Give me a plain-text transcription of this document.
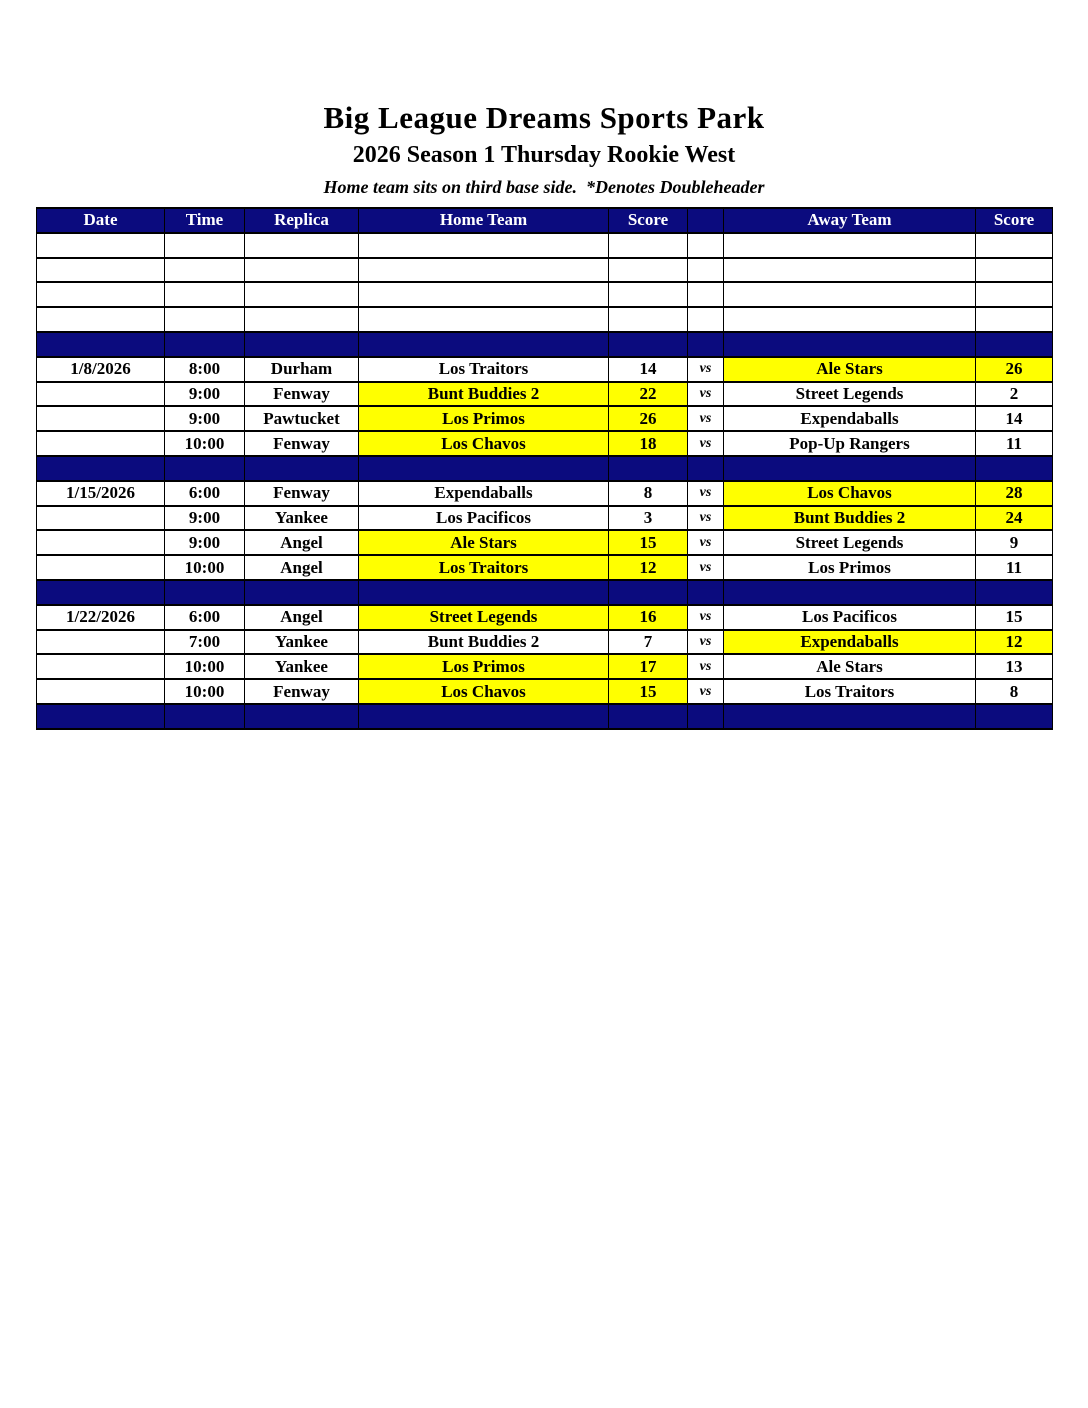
Big League Dreams Sports Park
2026 Season 1 Thursday Rookie West
Home team sits on third base side.  *Denotes Doubleheader
Date	Time	Replica	Home Team	Score		Away Team	Score

1/8/2026	8:00	Durham	Los Traitors	14	vs	Ale Stars	26
	9:00	Fenway	Bunt Buddies 2	22	vs	Street Legends	2
	9:00	Pawtucket	Los Primos	26	vs	Expendaballs	14
	10:00	Fenway	Los Chavos	18	vs	Pop-Up Rangers	11

1/15/2026	6:00	Fenway	Expendaballs	8	vs	Los Chavos	28
	9:00	Yankee	Los Pacificos	3	vs	Bunt Buddies 2	24
	9:00	Angel	Ale Stars	15	vs	Street Legends	9
	10:00	Angel	Los Traitors	12	vs	Los Primos	11

1/22/2026	6:00	Angel	Street Legends	16	vs	Los Pacificos	15
	7:00	Yankee	Bunt Buddies 2	7	vs	Expendaballs	12
	10:00	Yankee	Los Primos	17	vs	Ale Stars	13
	10:00	Fenway	Los Chavos	15	vs	Los Traitors	8
